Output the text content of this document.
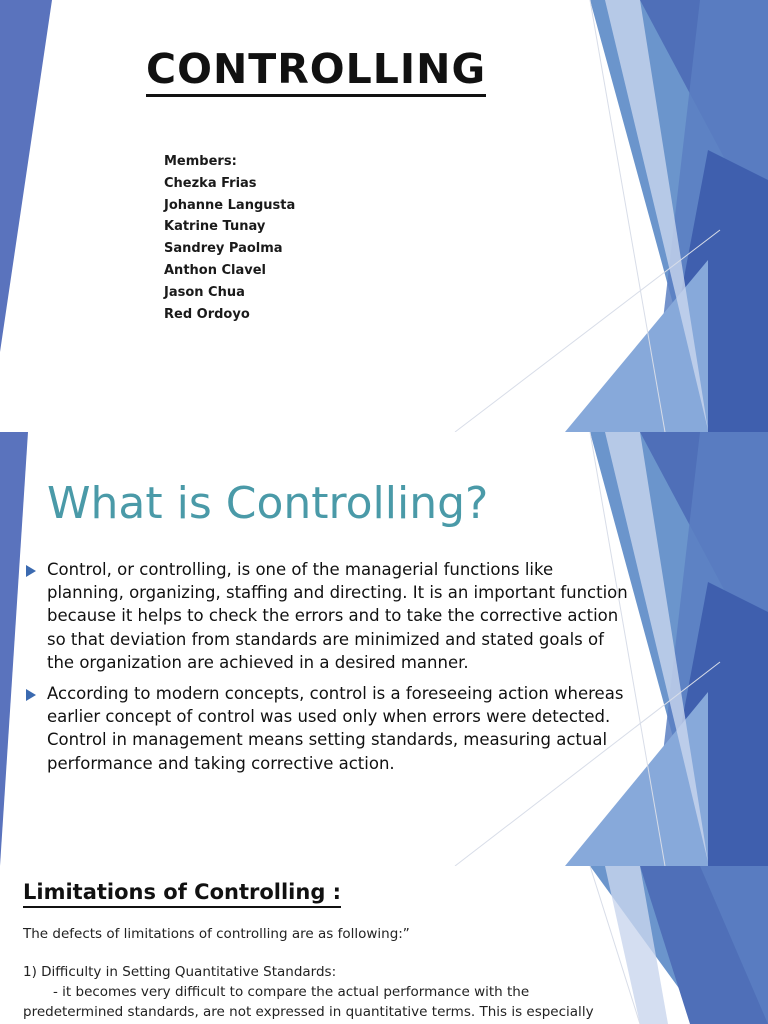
CONTROLLING
Members:
Chezka Frias
Johanne Langusta
Katrine Tunay
Sandrey Paolma
Anthon Clavel
Jason Chua
Red Ordoyo
What is Controlling?
Control, or controlling, is one of the managerial functions like planning, organizing, staffing and directing. It is an important function because it helps to check the errors and to take the corrective action so that deviation from standards are minimized and stated goals of the organization are achieved in a desired manner.
According to modern concepts, control is a foreseeing action whereas earlier concept of control was used only when errors were detected. Control in management means setting standards, measuring actual performance and taking corrective action.
Limitations of Controlling :
The defects of limitations of controlling are as following:”
1) Difficulty in Setting Quantitative Standards:
- it becomes very difficult to compare the actual performance with the predetermined standards, are not expressed in quantitative terms. This is especially
